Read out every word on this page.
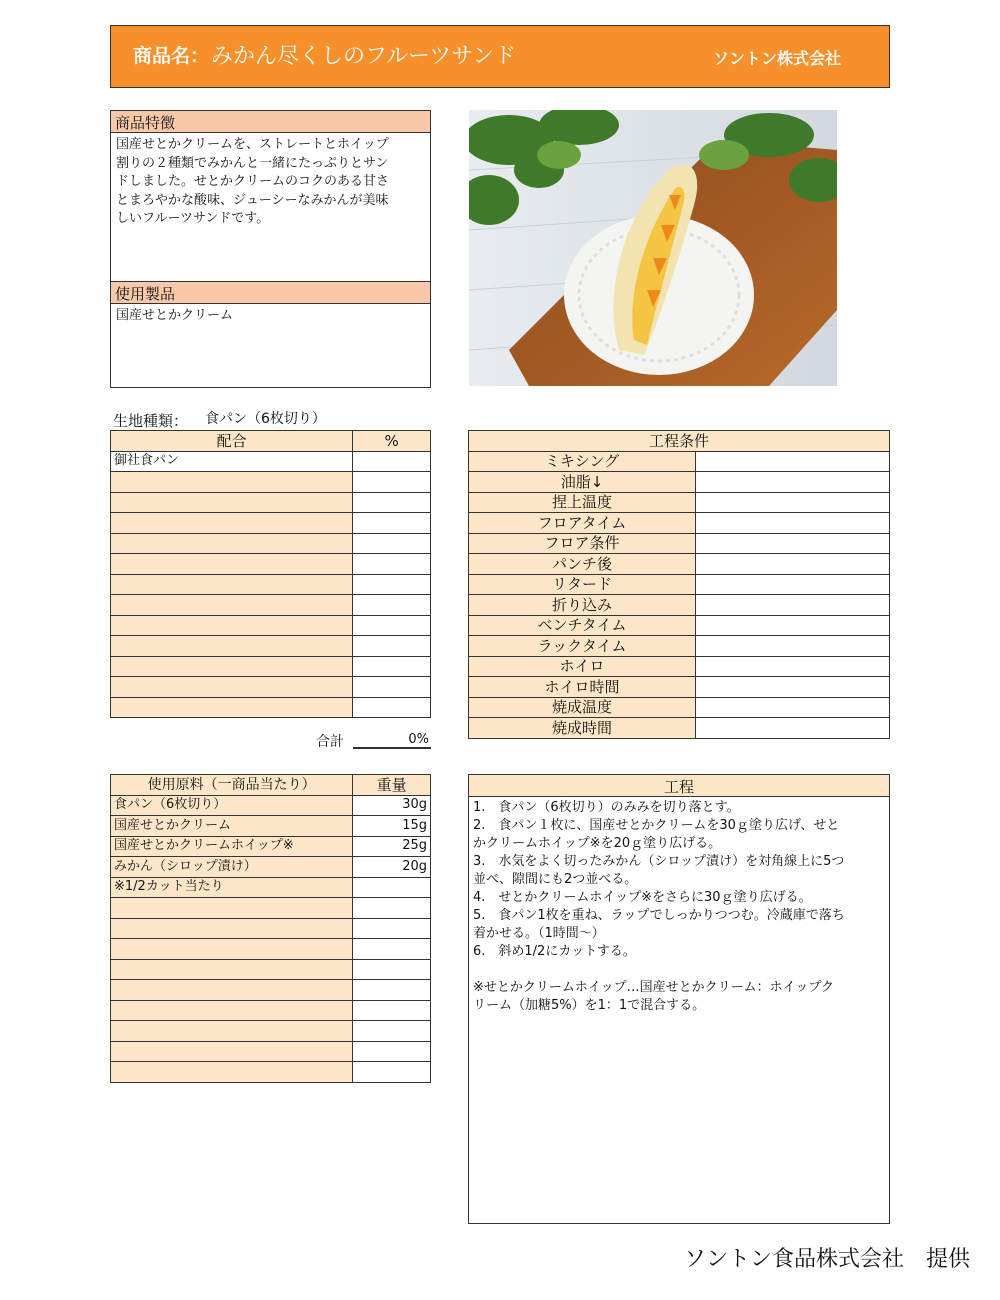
商品名： みかん尽くしのフルーツサンド	ソントン株式会社
商品特徴
国産せとかクリームを、ストレートとホイップ
割りの２種類でみかんと一緒にたっぷりとサン
ドしました。せとかクリームのコクのある甘さ
とまろやかな酸味、ジューシーなみかんが美味
しいフルーツサンドです。
使用製品
国産せとかクリーム
生地種類： 食パン（6枚切り）
配合	%
御社食パン	

合計	0%
工程条件	
ミキシング	
油脂↓	
捏上温度	
フロアタイム	
フロア条件	
パンチ後	
リタード	
折り込み	
ベンチタイム	
ラックタイム	
ホイロ	
ホイロ時間	
焼成温度	
焼成時間	
使用原料（一商品当たり）	重量
食パン（6枚切り）	30g
国産せとかクリーム	15g
国産せとかクリームホイップ※	25g
みかん（シロップ漬け）	20g
※1/2カット当たり	

工程
1.　食パン（6枚切り）のみみを切り落とす。
2.　食パン１枚に、国産せとかクリームを30ｇ塗り広げ、せと
かクリームホイップ※を20ｇ塗り広げる。
3.　水気をよく切ったみかん（シロップ漬け）を対角線上に5つ
並べ、隙間にも2つ並べる。
4.　せとかクリームホイップ※をさらに30ｇ塗り広げる。
5.　食パン1枚を重ね、ラップでしっかりつつむ。冷蔵庫で落ち
着かせる。（1時間〜）
6.　斜め1/2にカットする。

※せとかクリームホイップ…国産せとかクリーム：ホイップク
リーム（加糖5%）を1：1で混合する。
ソントン食品株式会社　提供
